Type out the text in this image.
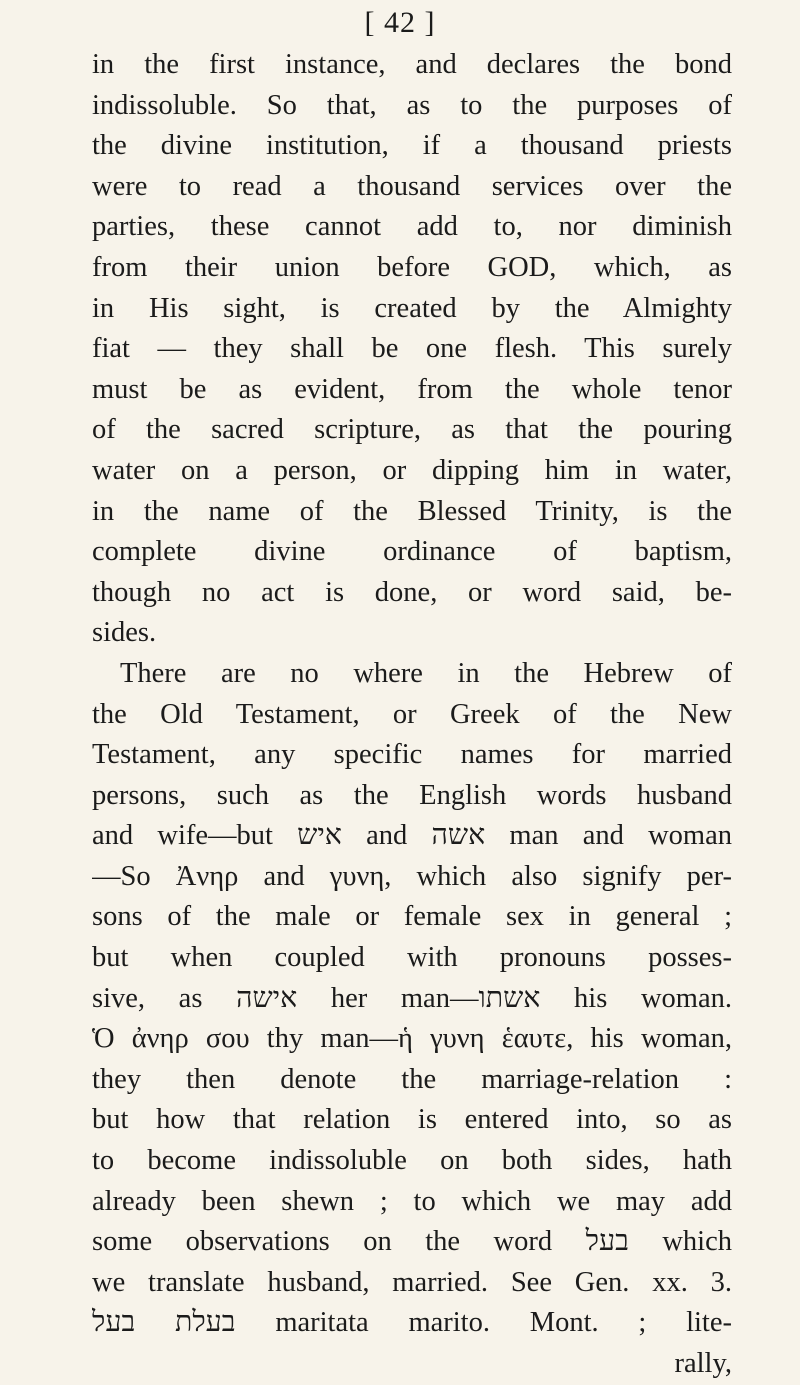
[ 42 ]
in the first instance, and declares the bond
indissoluble. So that, as to the purposes of
the divine institution, if a thousand priests
were to read a thousand services over the
parties, these cannot add to, nor diminish
from their union before GOD, which, as
in His sight, is created by the Almighty
fiat — they shall be one flesh. This surely
must be as evident, from the whole tenor
of the sacred scripture, as that the pouring
water on a person, or dipping him in water,
in the name of the Blessed Trinity, is the
complete divine ordinance of baptism,
though no act is done, or word said, be-
sides.
There are no where in the Hebrew of
the Old Testament, or Greek of the New
Testament, any specific names for married
persons, such as the English words husband
and wife—but איש and אשה man and woman
—So Ἀνηρ and γυνη, which also signify per-
sons of the male or female sex in general ;
but when coupled with pronouns posses-
sive, as אישה her man—אשתו his woman.
Ὁ ἀνηρ σου thy man—ἡ γυνη ἑαυτε, his woman,
they then denote the marriage-relation :
but how that relation is entered into, so as
to become indissoluble on both sides, hath
already been shewn ; to which we may add
some observations on the word בעל which
we translate husband, married. See Gen. xx. 3.
בעלת בעל maritata marito. Mont. ; lite-
rally,
